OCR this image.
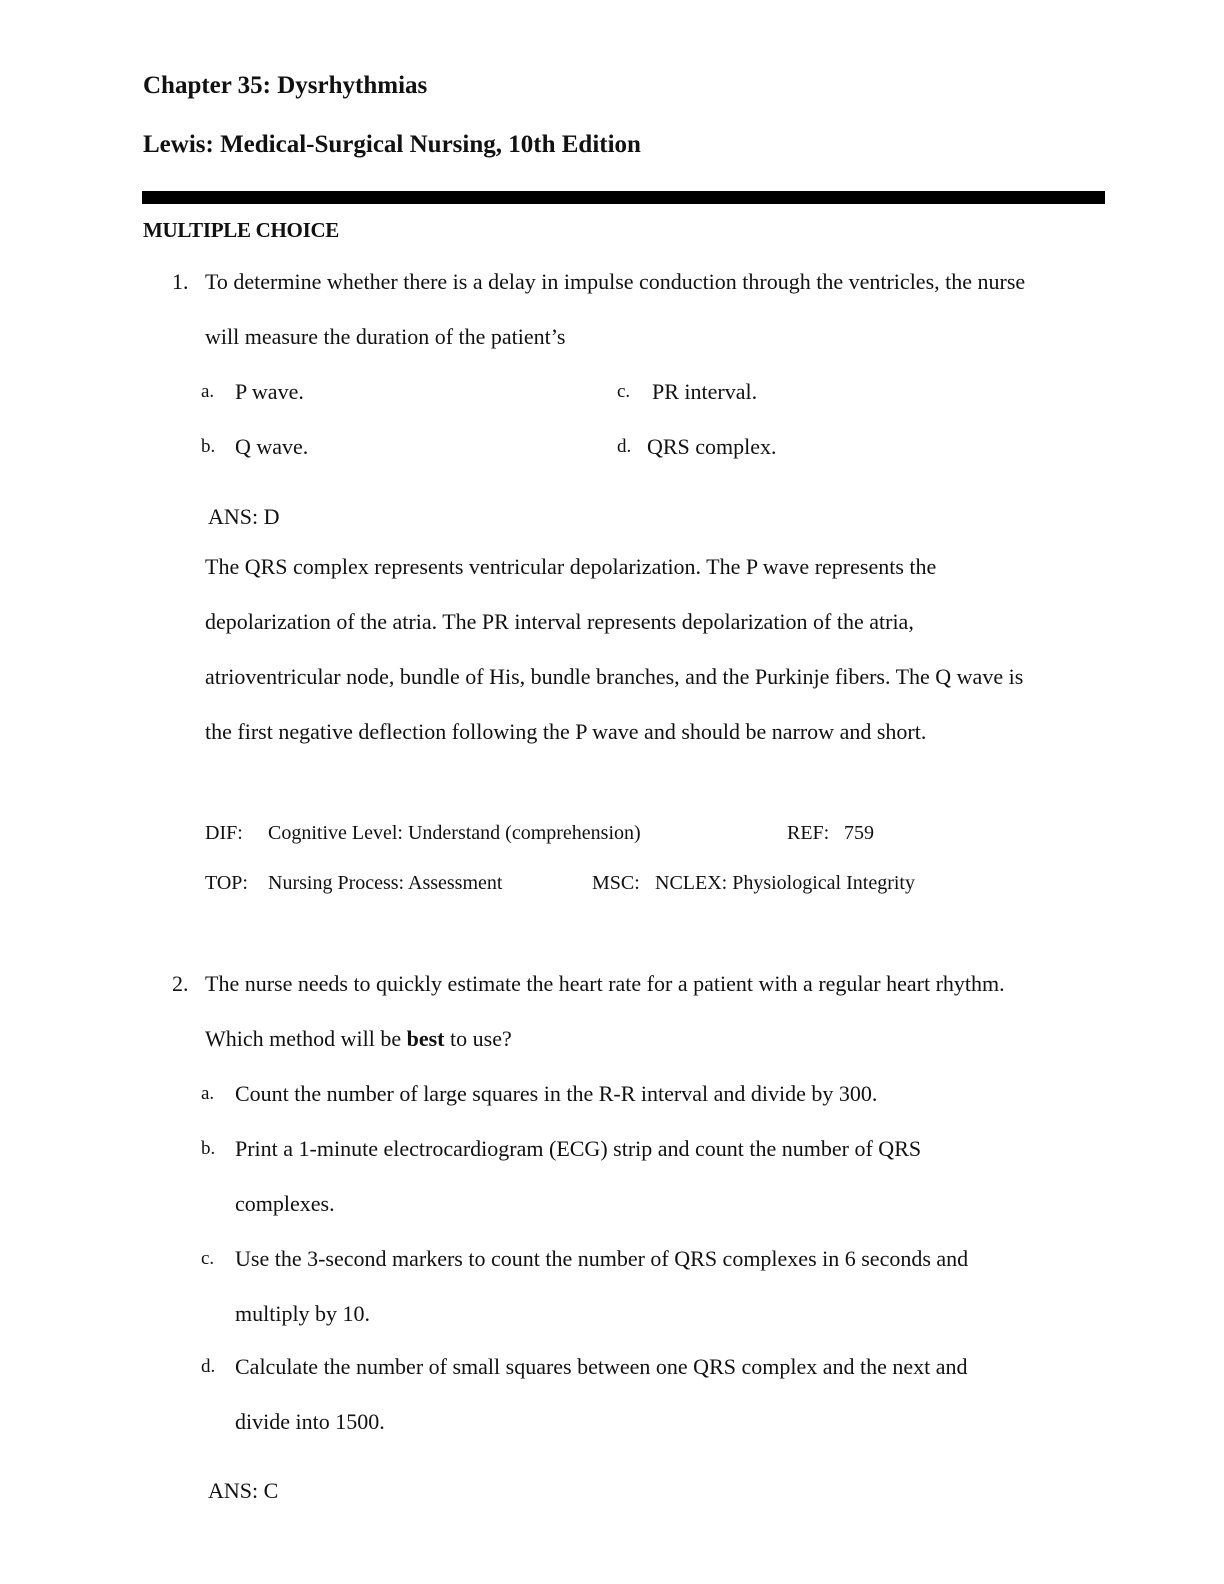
Chapter 35: Dysrhythmias
Lewis: Medical-Surgical Nursing, 10th Edition
MULTIPLE CHOICE
1. To determine whether there is a delay in impulse conduction through the ventricles, the nurse
will measure the duration of the patient’s
a. P wave.
b. Q wave.
c. PR interval.
d. QRS complex.
ANS: D
The QRS complex represents ventricular depolarization. The P wave represents the
depolarization of the atria. The PR interval represents depolarization of the atria,
atrioventricular node, bundle of His, bundle branches, and the Purkinje fibers. The Q wave is
the first negative deflection following the P wave and should be narrow and short.
DIF: Cognitive Level: Understand (comprehension)	REF: 759
TOP: Nursing Process: Assessment	MSC: NCLEX: Physiological Integrity
2. The nurse needs to quickly estimate the heart rate for a patient with a regular heart rhythm.
Which method will be best to use?
a. Count the number of large squares in the R-R interval and divide by 300.
b. Print a 1-minute electrocardiogram (ECG) strip and count the number of QRS
complexes.
c. Use the 3-second markers to count the number of QRS complexes in 6 seconds and
multiply by 10.
d. Calculate the number of small squares between one QRS complex and the next and
divide into 1500.
ANS: C
